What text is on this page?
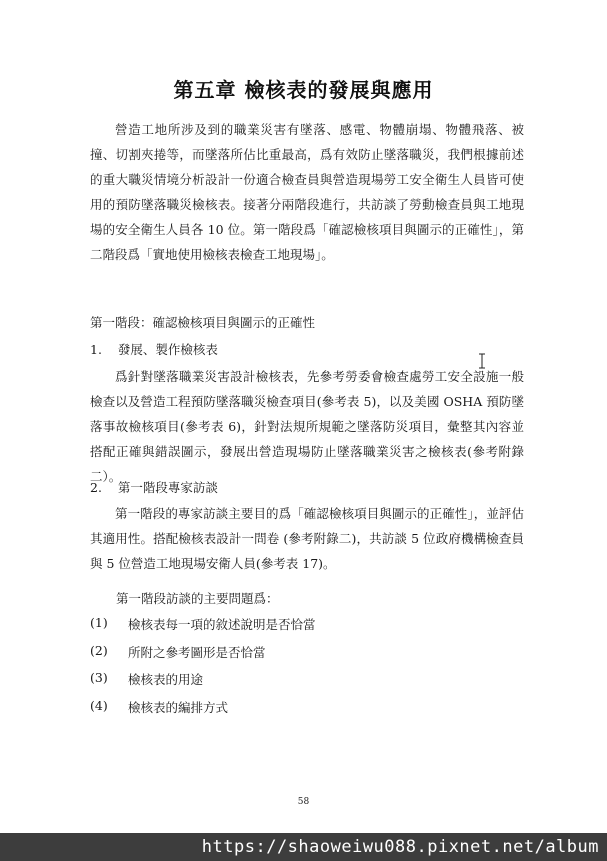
第五章 檢核表的發展與應用

營造工地所涉及到的職業災害有墜落、感電、物體崩塌、物體飛落、被撞、切割夾捲等，而墜落所佔比重最高，爲有效防止墜落職災，我們根據前述的重大職災情境分析設計一份適合檢查員與營造現場勞工安全衛生人員皆可使用的預防墜落職災檢核表。接著分兩階段進行，共訪談了勞動檢查員與工地現場的安全衛生人員各 10 位。第一階段爲「確認檢核項目與圖示的正確性」，第二階段爲「實地使用檢核表檢查工地現場」。

第一階段：確認檢核項目與圖示的正確性
1.    發展、製作檢核表

爲針對墜落職業災害設計檢核表，先參考勞委會檢查處勞工安全設施一般檢查以及營造工程預防墜落職災檢查項目(參考表 5)，以及美國 OSHA 預防墜落事故檢核項目(參考表 6)，針對法規所規範之墜落防災項目，彙整其內容並搭配正確與錯誤圖示，發展出營造現場防止墜落職業災害之檢核表(參考附錄二）。

2.    第一階段專家訪談

第一階段的專家訪談主要目的爲「確認檢核項目與圖示的正確性」，並評估其適用性。搭配檢核表設計一問卷 (參考附錄二)，共訪談 5 位政府機構檢查員與 5 位營造工地現場安衛人員(參考表 17)。

第一階段訪談的主要問題爲：
(1) 檢核表每一項的敘述說明是否恰當
(2) 所附之參考圖形是否恰當
(3) 檢核表的用途
(4) 檢核表的編排方式
58
https://shaoweiwu088.pixnet.net/album
